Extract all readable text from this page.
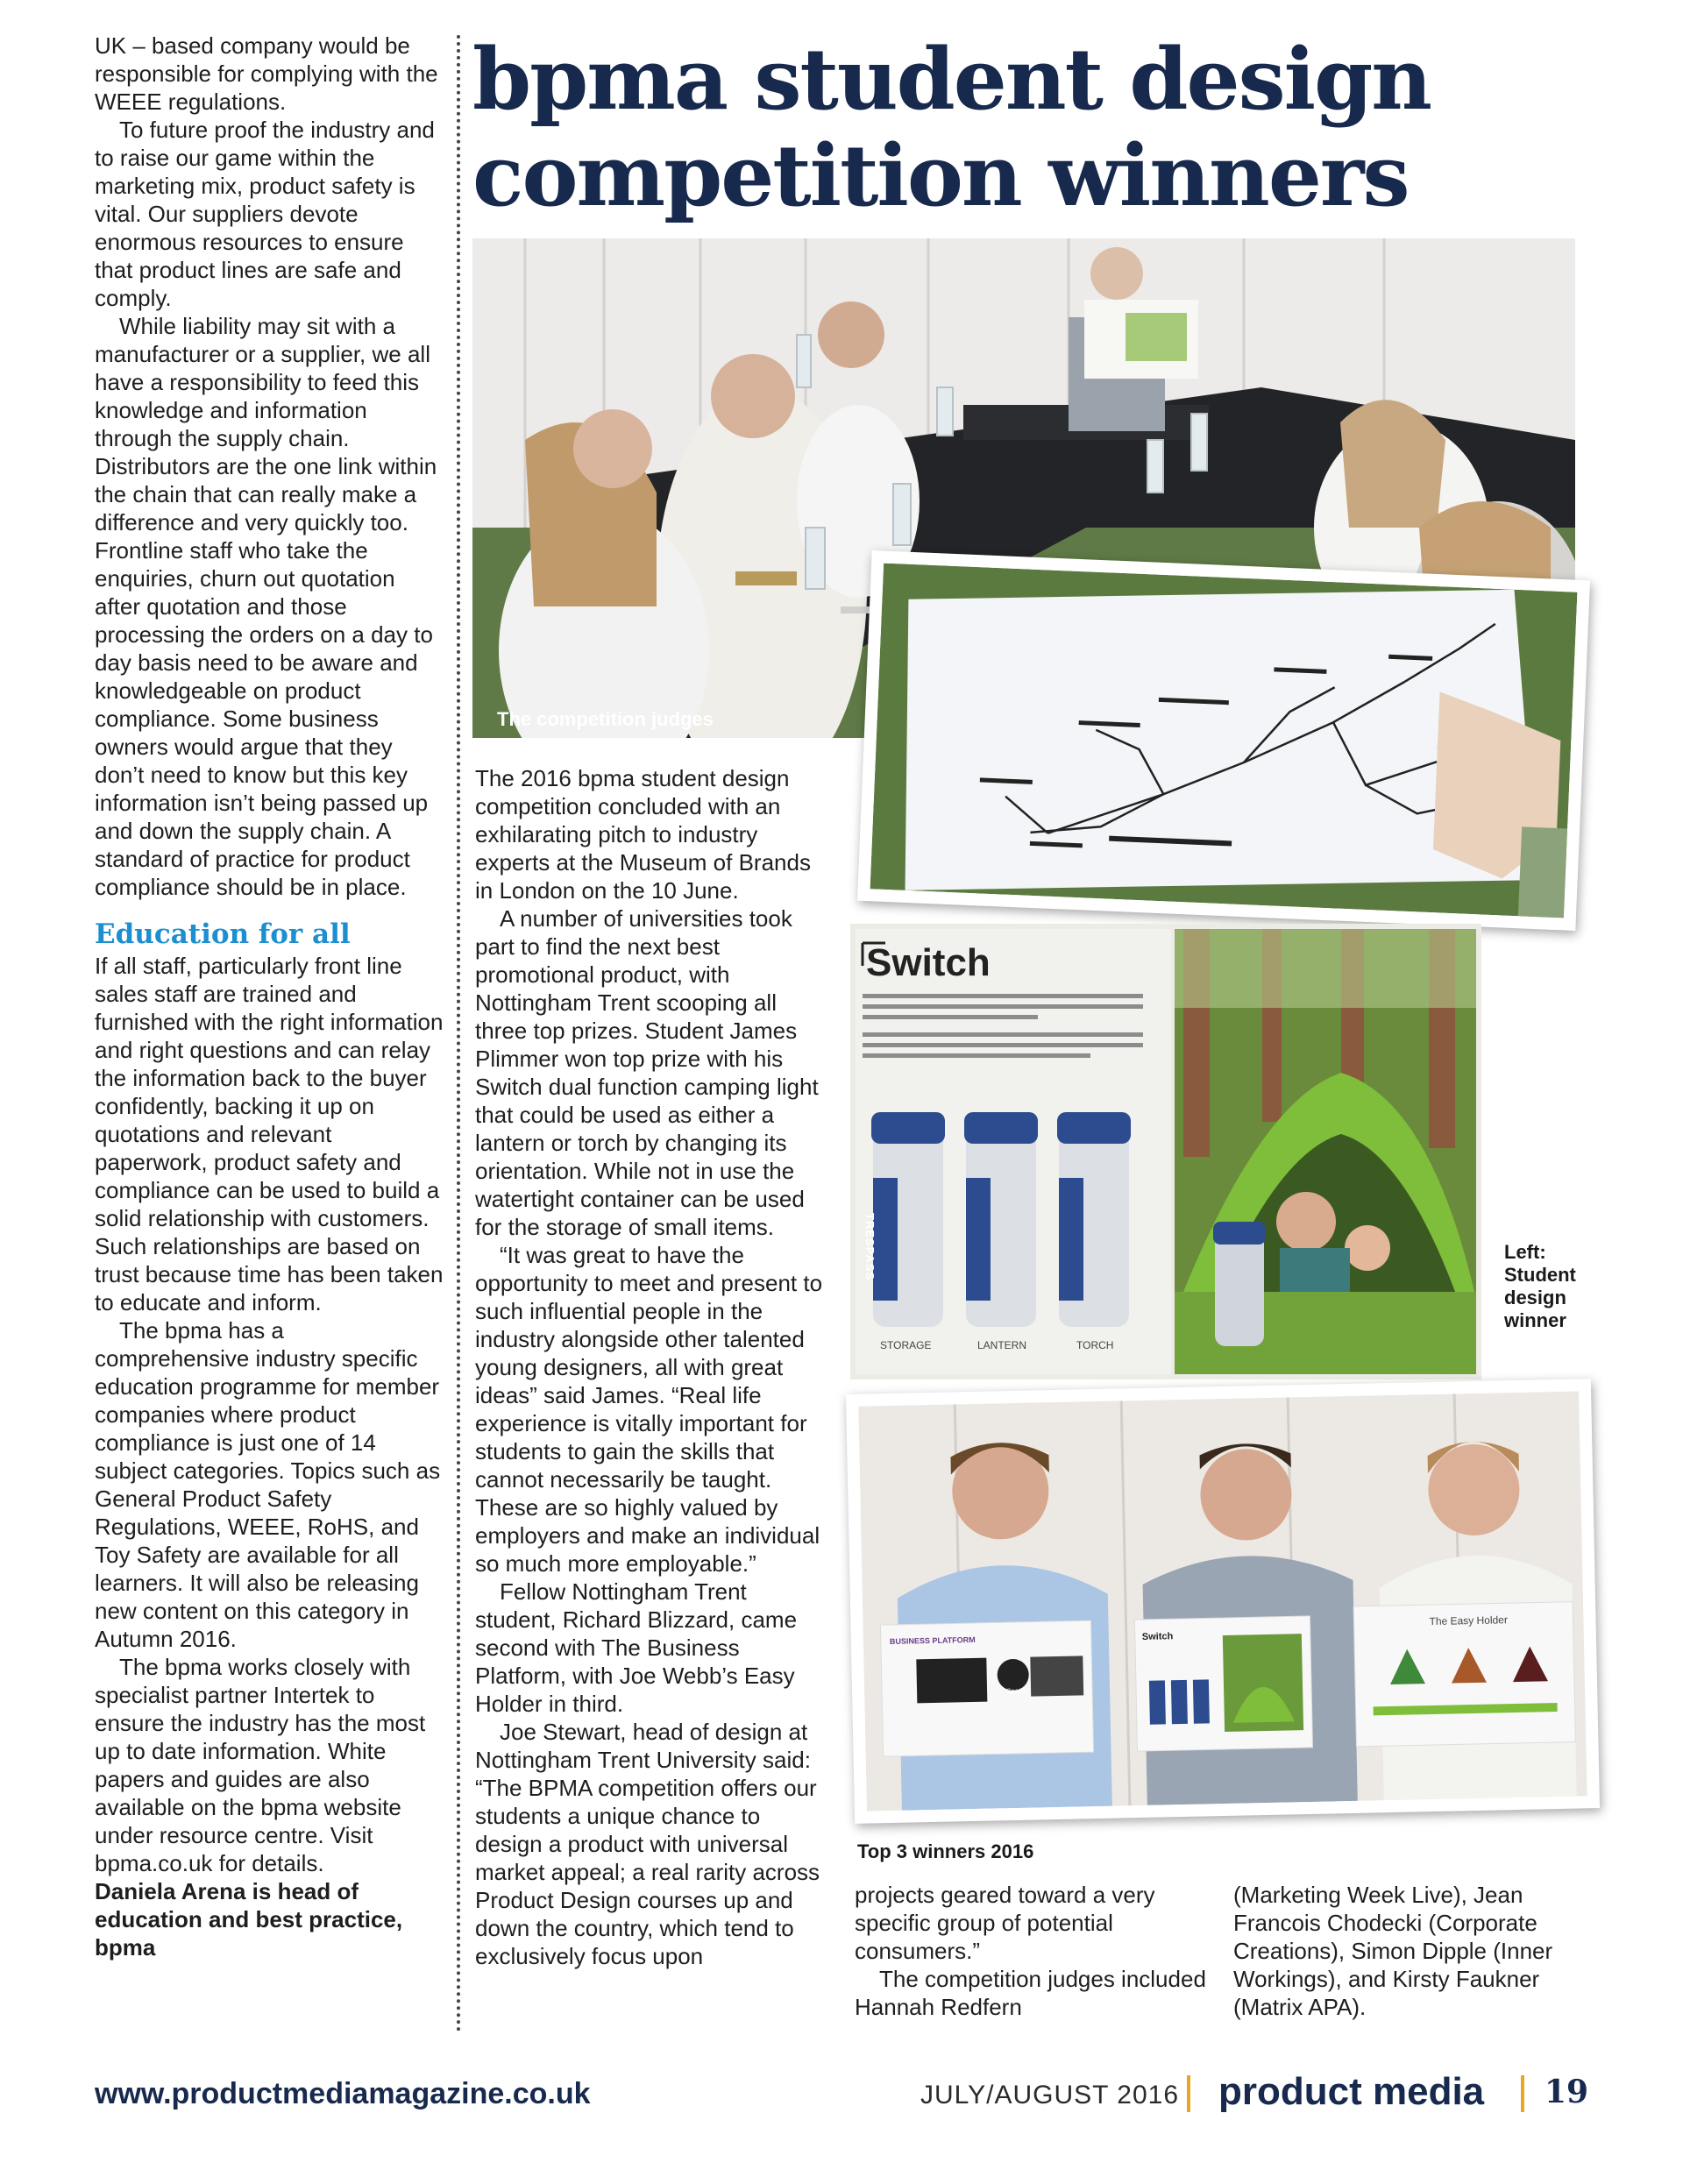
UK – based company would be responsible for complying with the WEEE regulations.

To future proof the industry and to raise our game within the marketing mix, product safety is vital. Our suppliers devote enormous resources to ensure that product lines are safe and comply.

While liability may sit with a manufacturer or a supplier, we all have a responsibility to feed this knowledge and information through the supply chain. Distributors are the one link within the chain that can really make a difference and very quickly too. Frontline staff who take the enquiries, churn out quotation after quotation and those processing the orders on a day to day basis need to be aware and knowledgeable on product compliance. Some business owners would argue that they don’t need to know but this key information isn’t being passed up and down the supply chain. A standard of practice for product compliance should be in place.

Education for all

If all staff, particularly front line sales staff are trained and furnished with the right information and right questions and can relay the information back to the buyer confidently, backing it up on quotations and relevant paperwork, product safety and compliance can be used to build a solid relationship with customers. Such relationships are based on trust because time has been taken to educate and inform.

The bpma has a comprehensive industry specific education programme for member companies where product compliance is just one of 14 subject categories. Topics such as General Product Safety Regulations, WEEE, RoHS, and Toy Safety are available for all learners. It will also be releasing new content on this category in Autumn 2016.

The bpma works closely with specialist partner Intertek to ensure the industry has the most up to date information. White papers and guides are also available on the bpma website under resource centre. Visit bpma.co.uk for details.

Daniela Arena is head of education and best practice, bpma

bpma student design
competition winners
The competition judges
Switch
STORAGE	LANTERN	TORCH
TRESPASS	Left: Student design winner
BUSINESS PLATFORM
Spotify
Switch
The Easy Holder
Top 3 winners 2016

The 2016 bpma student design competition concluded with an exhilarating pitch to industry experts at the Museum of Brands in London on the 10 June.

A number of universities took part to find the next best promotional product, with Nottingham Trent scooping all three top prizes. Student James Plimmer won top prize with his Switch dual function camping light that could be used as either a lantern or torch by changing its orientation. While not in use the watertight container can be used for the storage of small items.

“It was great to have the opportunity to meet and present to such influential people in the industry alongside other talented young designers, all with great ideas” said James. “Real life experience is vitally important for students to gain the skills that cannot necessarily be taught. These are so highly valued by employers and make an individual so much more employable.”

Fellow Nottingham Trent student, Richard Blizzard, came second with The Business Platform, with Joe Webb’s Easy Holder in third.

Joe Stewart, head of design at Nottingham Trent University said: “The BPMA competition offers our students a unique chance to design a product with universal market appeal; a real rarity across Product Design courses up and down the country, which tend to exclusively focus upon

projects geared toward a very specific group of potential consumers.”

The competition judges included Hannah Redfern

(Marketing Week Live), Jean Francois Chodecki (Corporate Creations), Simon Dipple (Inner Workings), and Kirsty Faukner (Matrix APA).

www.productmediamagazine.co.uk	JULY/AUGUST 2016 product media 19
